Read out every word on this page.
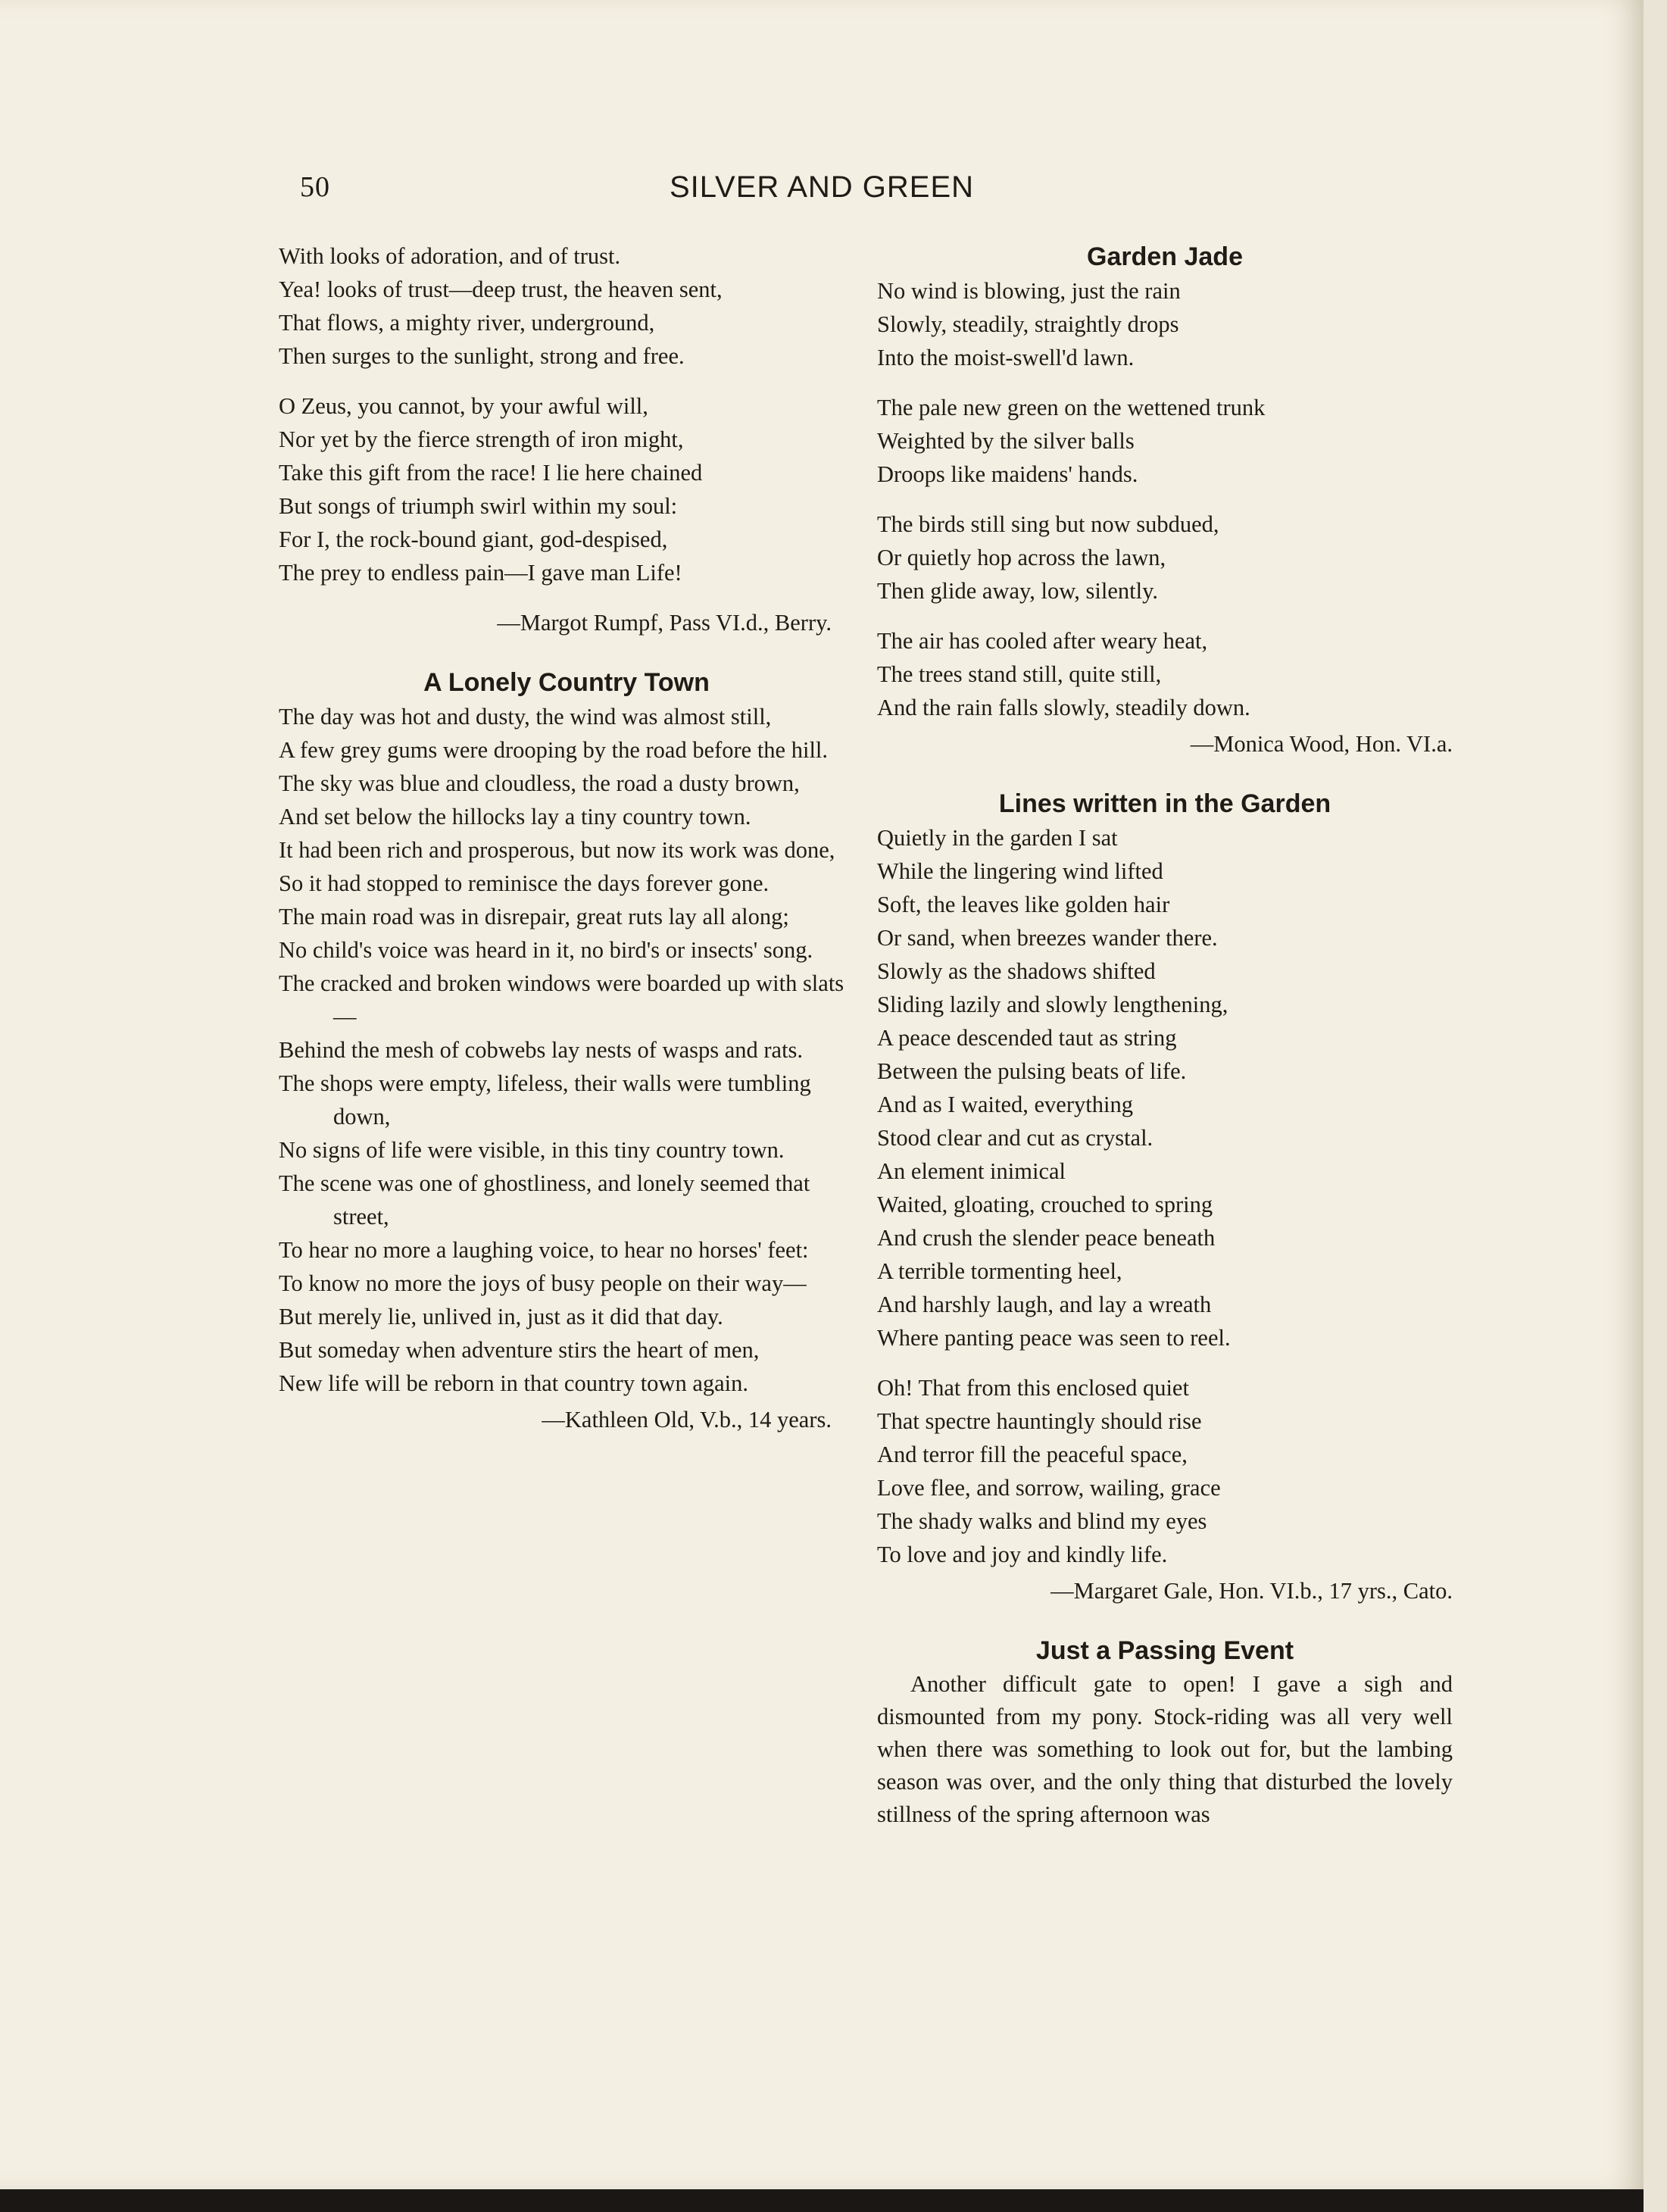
50	SILVER AND GREEN
With looks of adoration, and of trust.
Yea! looks of trust—deep trust, the heaven sent,
That flows, a mighty river, underground,
Then surges to the sunlight, strong and free.
O Zeus, you cannot, by your awful will,
Nor yet by the fierce strength of iron might,
Take this gift from the race! I lie here chained
But songs of triumph swirl within my soul:
For I, the rock-bound giant, god-despised,
The prey to endless pain—I gave man Life!
—Margot Rumpf, Pass VI.d., Berry.
A Lonely Country Town
The day was hot and dusty, the wind was almost still,
A few grey gums were drooping by the road before the hill.
The sky was blue and cloudless, the road a dusty brown,
And set below the hillocks lay a tiny country town.
It had been rich and prosperous, but now its work was done,
So it had stopped to reminisce the days forever gone.
The main road was in disrepair, great ruts lay all along;
No child's voice was heard in it, no bird's or insects' song.
The cracked and broken windows were boarded up with slats—
Behind the mesh of cobwebs lay nests of wasps and rats.
The shops were empty, lifeless, their walls were tumbling down,
No signs of life were visible, in this tiny country town.
The scene was one of ghostliness, and lonely seemed that street,
To hear no more a laughing voice, to hear no horses' feet:
To know no more the joys of busy people on their way—
But merely lie, unlived in, just as it did that day.
But someday when adventure stirs the heart of men,
New life will be reborn in that country town again.
—Kathleen Old, V.b., 14 years.
Garden Jade
No wind is blowing, just the rain
Slowly, steadily, straightly drops
Into the moist-swell'd lawn.
The pale new green on the wettened trunk
Weighted by the silver balls
Droops like maidens' hands.
The birds still sing but now subdued,
Or quietly hop across the lawn,
Then glide away, low, silently.
The air has cooled after weary heat,
The trees stand still, quite still,
And the rain falls slowly, steadily down.
—Monica Wood, Hon. VI.a.
Lines written in the Garden
Quietly in the garden I sat
While the lingering wind lifted
Soft, the leaves like golden hair
Or sand, when breezes wander there.
Slowly as the shadows shifted
Sliding lazily and slowly lengthening,
A peace descended taut as string
Between the pulsing beats of life.
And as I waited, everything
Stood clear and cut as crystal.
An element inimical
Waited, gloating, crouched to spring
And crush the slender peace beneath
A terrible tormenting heel,
And harshly laugh, and lay a wreath
Where panting peace was seen to reel.
Oh! That from this enclosed quiet
That spectre hauntingly should rise
And terror fill the peaceful space,
Love flee, and sorrow, wailing, grace
The shady walks and blind my eyes
To love and joy and kindly life.
—Margaret Gale, Hon. VI.b., 17 yrs., Cato.
Just a Passing Event

Another difficult gate to open! I gave a sigh and dismounted from my pony. Stock-riding was all very well when there was something to look out for, but the lambing season was over, and the only thing that disturbed the lovely stillness of the spring afternoon was
